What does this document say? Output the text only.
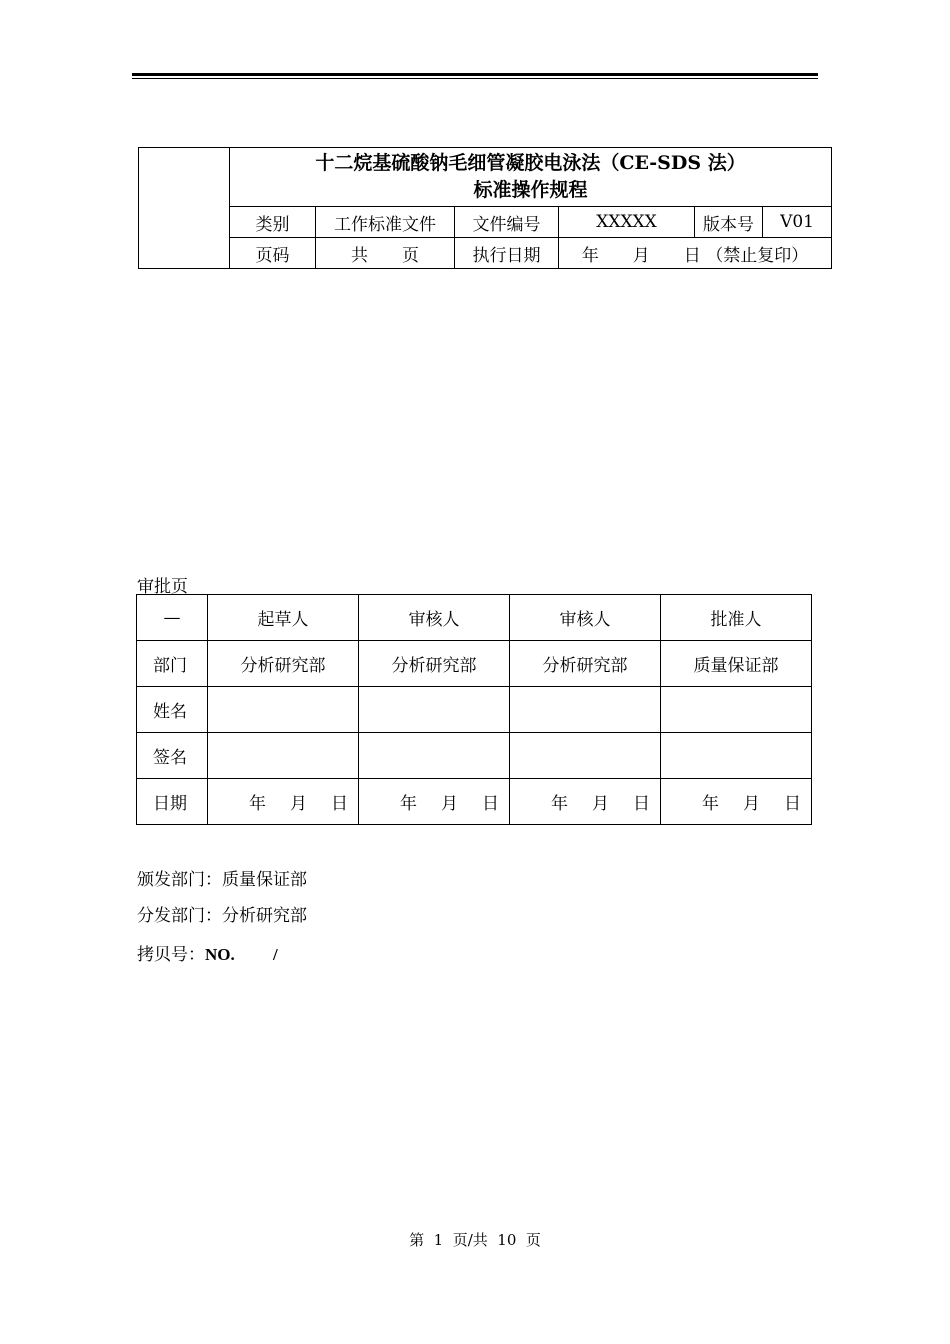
	十二烷基硫酸钠毛细管凝胶电泳法（CE-SDS 法）
标准操作规程					

	类别	工作标准文件	文件编号	XXXXX	版本号	V01
	页码	共　　页	执行日期	年　　月　　日 （禁止复印）		
审批页
—	起草人	审核人	审核人	批准人
部门	分析研究部	分析研究部	分析研究部	质量保证部
姓名				
签名				
日期	年 月 日	年 月 日	年 月 日	年 月 日
颁发部门：质量保证部
分发部门：分析研究部
拷贝号：NO.　　 /
第  1  页/共  10  页
